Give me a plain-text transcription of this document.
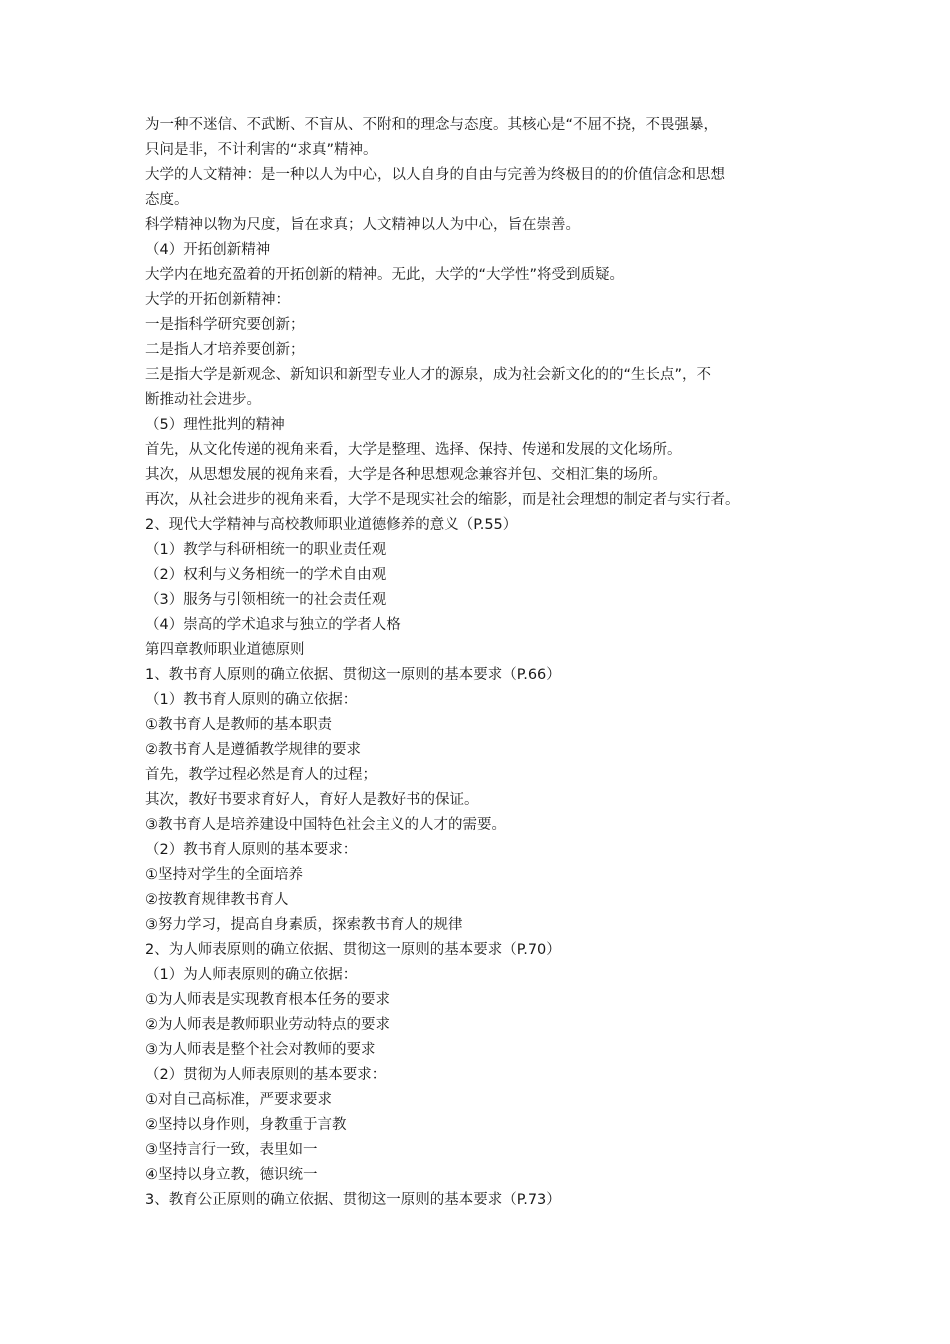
为一种不迷信、不武断、不盲从、不附和的理念与态度。其核心是“不屈不挠，不畏强暴，
只问是非，不计利害的“求真”精神。
大学的人文精神：是一种以人为中心，以人自身的自由与完善为终极目的的价值信念和思想
态度。
科学精神以物为尺度，旨在求真；人文精神以人为中心，旨在崇善。
（4）开拓创新精神
大学内在地充盈着的开拓创新的精神。无此，大学的“大学性”将受到质疑。
大学的开拓创新精神：
一是指科学研究要创新；
二是指人才培养要创新；
三是指大学是新观念、新知识和新型专业人才的源泉，成为社会新文化的的“生长点”，不
断推动社会进步。
（5）理性批判的精神
首先，从文化传递的视角来看，大学是整理、选择、保持、传递和发展的文化场所。
其次，从思想发展的视角来看，大学是各种思想观念兼容并包、交相汇集的场所。
再次，从社会进步的视角来看，大学不是现实社会的缩影，而是社会理想的制定者与实行者。
2、现代大学精神与高校教师职业道德修养的意义（P.55）
（1）教学与科研相统一的职业责任观
（2）权利与义务相统一的学术自由观
（3）服务与引领相统一的社会责任观
（4）崇高的学术追求与独立的学者人格
第四章教师职业道德原则
1、教书育人原则的确立依据、贯彻这一原则的基本要求（P.66）
（1）教书育人原则的确立依据：
①教书育人是教师的基本职责
②教书育人是遵循教学规律的要求
首先，教学过程必然是育人的过程；
其次，教好书要求育好人，育好人是教好书的保证。
③教书育人是培养建设中国特色社会主义的人才的需要。
（2）教书育人原则的基本要求：
①坚持对学生的全面培养
②按教育规律教书育人
③努力学习，提高自身素质，探索教书育人的规律
2、为人师表原则的确立依据、贯彻这一原则的基本要求（P.70）
（1）为人师表原则的确立依据：
①为人师表是实现教育根本任务的要求
②为人师表是教师职业劳动特点的要求
③为人师表是整个社会对教师的要求
（2）贯彻为人师表原则的基本要求：
①对自己高标准，严要求要求
②坚持以身作则，身教重于言教
③坚持言行一致，表里如一
④坚持以身立教，德识统一
3、教育公正原则的确立依据、贯彻这一原则的基本要求（P.73）
